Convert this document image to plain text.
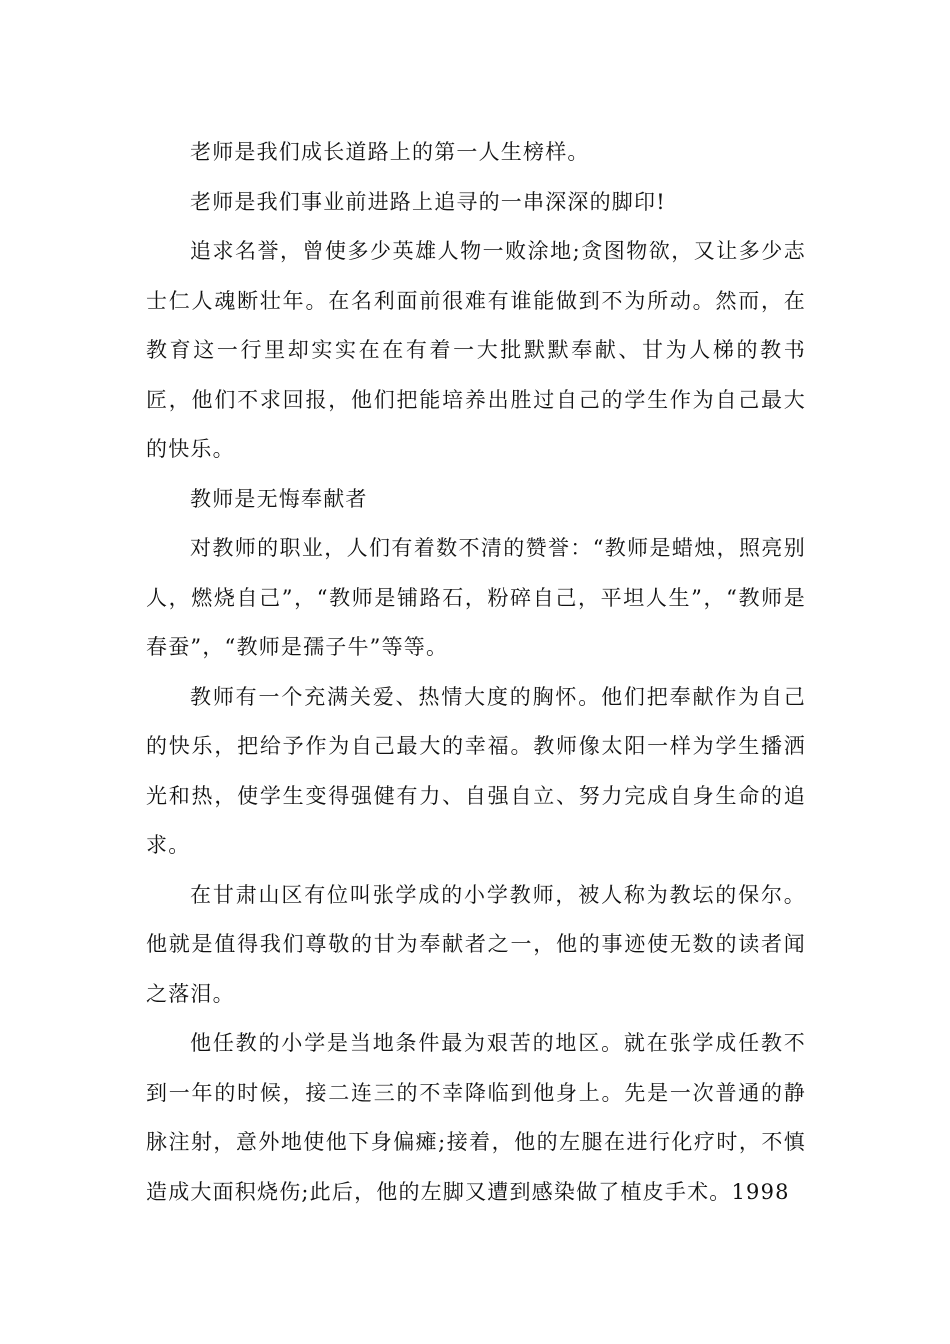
老师是我们成长道路上的第一人生榜样。

老师是我们事业前进路上追寻的一串深深的脚印!

追求名誉，曾使多少英雄人物一败涂地;贪图物欲，又让多少志士仁人魂断壮年。在名利面前很难有谁能做到不为所动。然而，在教育这一行里却实实在在有着一大批默默奉献、甘为人梯的教书匠，他们不求回报，他们把能培养出胜过自己的学生作为自己最大的快乐。

教师是无悔奉献者

对教师的职业，人们有着数不清的赞誉：“教师是蜡烛，照亮别人，燃烧自己”，“教师是铺路石，粉碎自己，平坦人生”，“教师是春蚕”，“教师是孺子牛”等等。

教师有一个充满关爱、热情大度的胸怀。他们把奉献作为自己的快乐，把给予作为自己最大的幸福。教师像太阳一样为学生播洒光和热，使学生变得强健有力、自强自立、努力完成自身生命的追求。

在甘肃山区有位叫张学成的小学教师，被人称为教坛的保尔。他就是值得我们尊敬的甘为奉献者之一，他的事迹使无数的读者闻之落泪。

他任教的小学是当地条件最为艰苦的地区。就在张学成任教不到一年的时候，接二连三的不幸降临到他身上。先是一次普通的静脉注射，意外地使他下身偏瘫;接着，他的左腿在进行化疗时，不慎造成大面积烧伤;此后，他的左脚又遭到感染做了植皮手术。1998
